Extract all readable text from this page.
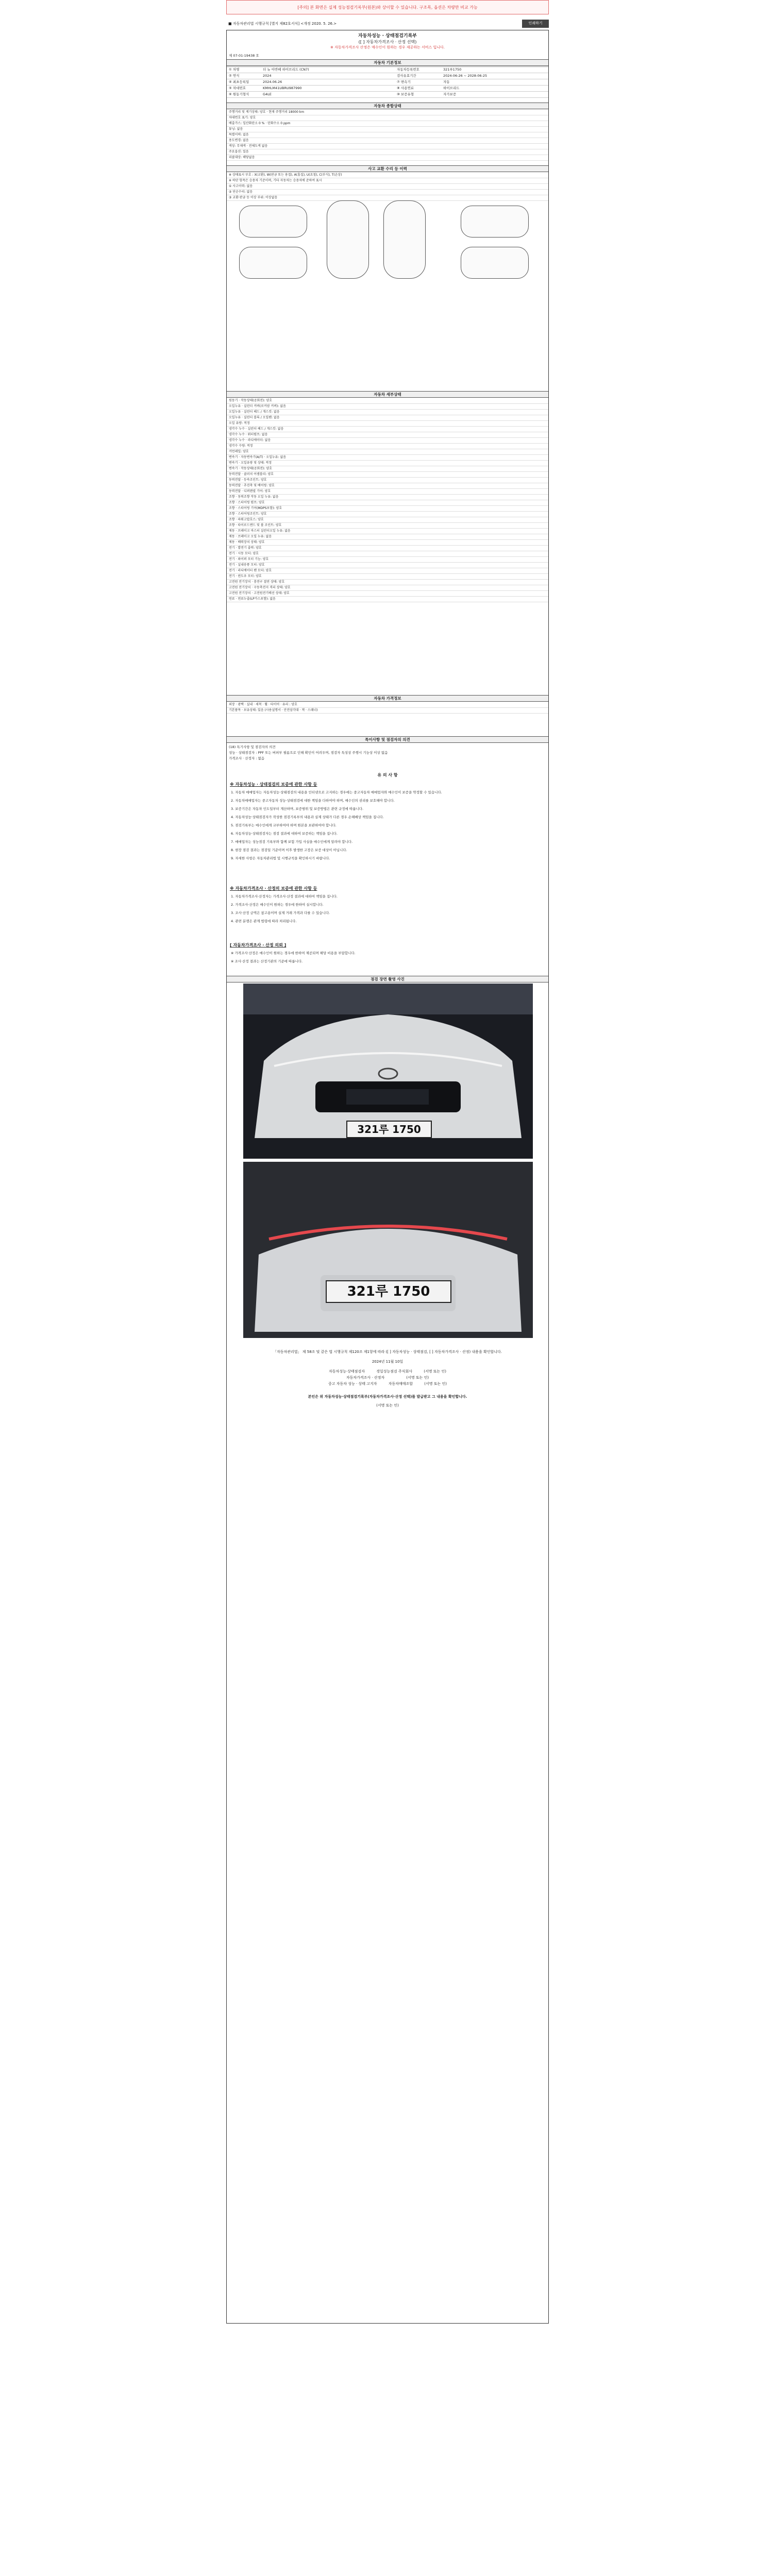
[주의] 본 화면은 실제 성능점검기록부(원본)와 상이할 수 있습니다. 구조목, 옵션은 차량만 비교 가능
■ 자동차관리법 시행규칙 [별지 제82호서식] <개정 2020. 5. 26.>	인쇄하기
자동차성능 · 상태점검기록부
([ ] 자동차가격조사 · 산정 선택)
※ 자동차가격조사 산정은 매수인이 원하는 경우 제공하는 서비스 입니다.
제 07-01-19438 호
자동차 기본정보
① 차명	더 뉴 아반떼 하이브리드 (CN7)	자동차등록번호	321루1750
② 연식	2024	검사유효기간	2024-06-26 ~ 2028-06-25
④ 최초등록일	2024.06.26	⑦ 변속기	자동
⑤ 차대번호	KMHLM41UBRU987990	⑧ 사용연료	하이브리드
⑥ 원동기형식	G4LE	⑩ 보증유형	자가보증
자동차 종합상태
주행거리 및 계기상태: 양호 · 현재 주행거리 18000 km
차대번호 표기: 양호
배출가스: 일산화탄소 0 % · 탄화수소 0 ppm
튜닝: 없음
특별이력: 없음
용도변경: 없음
색상: 무채색 · 전체도색 없음
주요옵션: 있음
리콜대상: 해당없음
사고 교환 수리 등 이력
※ 상태표시 부호 : X(교환), W(판금 또는 용접), A(흠집), U(요철), C(부식), T(손상)
※ 하단 항목은 승용차 기준이며, 기타 자동차는 승용차에 준하여 표시
① 사고이력: 없음
② 단순수리: 없음
③ 교환·판금 등 이상 부위: 이상없음
자동차 세부상태
원동기 · 작동상태(공회전): 양호
오일누유 · 실린더 커버(로커암 커버): 없음
오일누유 · 실린더 헤드 / 개스킷: 없음
오일누유 · 실린더 블록 / 오일팬: 없음
오일 유량: 적정
냉각수 누수 · 실린더 헤드 / 개스킷: 없음
냉각수 누수 · 워터펌프: 없음
냉각수 누수 · 라디에이터: 없음
냉각수 수량: 적정
커먼레일: 양호
변속기 · 자동변속기(A/T) · 오일누유: 없음
변속기 · 오일유량 및 상태: 적정
변속기 · 작동상태(공회전): 양호
동력전달 · 클러치 어셈블리: 양호
동력전달 · 등속조인트: 양호
동력전달 · 추진축 및 베어링: 양호
동력전달 · 디퍼렌셜 기어: 양호
조향 · 동력조향 작동 오일 누유: 없음
조향 · 스티어링 펌프: 양호
조향 · 스티어링 기어(MDPS포함): 양호
조향 · 스티어링조인트: 양호
조향 · 파워고압호스: 양호
조향 · 타이로드엔드 및 볼 조인트: 양호
제동 · 브레이크 마스터 실린더오일 누유: 없음
제동 · 브레이크 오일 누유: 없음
제동 · 배력장치 상태: 양호
전기 · 발전기 출력: 양호
전기 · 시동 모터: 양호
전기 · 와이퍼 모터 기능: 양호
전기 · 실내송풍 모터: 양호
전기 · 라디에이터 팬 모터: 양호
전기 · 윈도우 모터: 양호
고전원 전기장치 · 충전구 절연 상태: 양호
고전원 전기장치 · 구동축전지 격리 상태: 양호
고전원 전기장치 · 고전원전기배선 상태: 양호
연료 · 연료누출(LP가스포함): 없음
자동차 가격정보
외장 · 광택 · 실내 · 세척 · 휠 · 타이어 · 유리 : 양호
기본품목 · 보유상태: 있음 (사용설명서 · 안전삼각대 · 잭 · 스패너)
특이사항 및 점검자의 의견
(18) 특기사항 및 점검자의 의견
성능 · 상태점검자 : PPF 또는 버퍼부 필름으로 인해 확인이 어려우며, 점검자 특성상 주행시 기능상 이상 없음
가격조사 · 산정자 : 없음
유 의 사 항
※ 자동차성능 · 상태점검의 보증에 관한 사항 등
1. 자동차 매매업자는 자동차성능·상태점검의 내용을 인터넷으로 고지하는 경우에는 중고자동차 매매업자와 매수인이 보증을 약정할 수 있습니다.
2. 자동차매매업자는 중고자동차 성능·상태점검에 대한 책임을 다하여야 하며, 매수인의 권리를 보호해야 합니다.
3. 보증기간은 자동차 인도일부터 계산하며, 보증범위 및 보증방법은 관련 규정에 따릅니다.
4. 자동차성능·상태점검자가 작성한 점검기록부의 내용과 실제 상태가 다른 경우 손해배상 책임을 집니다.
5. 점검기록부는 매수인에게 교부하여야 하며 원본을 보관하여야 합니다.
6. 자동차성능·상태점검자는 점검 결과에 대하여 보증하는 책임을 집니다.
7. 매매업자는 성능점검 기록부와 함께 보험 가입 사실을 매수인에게 알려야 합니다.
8. 현장 점검 결과는 점검일 기준이며 이후 발생한 고장은 보증 대상이 아닙니다.
9. 자세한 사항은 자동차관리법 및 시행규칙을 확인하시기 바랍니다.
※ 자동차가격조사 · 산정의 보증에 관한 사항 등
1. 자동차가격조사·산정자는 가격조사·산정 결과에 대하여 책임을 집니다.
2. 가격조사·산정은 매수인이 원하는 경우에 한하여 실시합니다.
3. 조사·산정 금액은 참고용이며 실제 거래 가격과 다를 수 있습니다.
4. 관련 분쟁은 관계 법령에 따라 처리됩니다.
[ 자동차가격조사 · 산정 의뢰 ]
※ 가격조사·산정은 매수인이 원하는 경우에 한하여 제공되며 해당 비용을 부담합니다.
※ 조사·산정 결과는 산정기관의 기준에 따릅니다.
점검 장면 촬영 사진
321루 1750
321루 1750
「자동차관리법」 제 58조 및 같은 법 시행규칙 제120조 제1항에 따라 ([ ] 자동차성능 · 상태점검, [ ] 자동차가격조사 · 산정) 내용을 확인합니다.
2024년 11월 10일
자동차성능·상태점검자	경일성능점검 주식회사	(서명 또는 인)
자동차가격조사 · 산정자	(서명 또는 인)
중고 자동차 성능 · 상태 고지자	자동차매매조합	(서명 또는 인)
본인은 위 자동차성능·상태점검기록부(자동차가격조사·산정 선택)를 발급받고 그 내용을 확인합니다.
(서명 또는 인)
